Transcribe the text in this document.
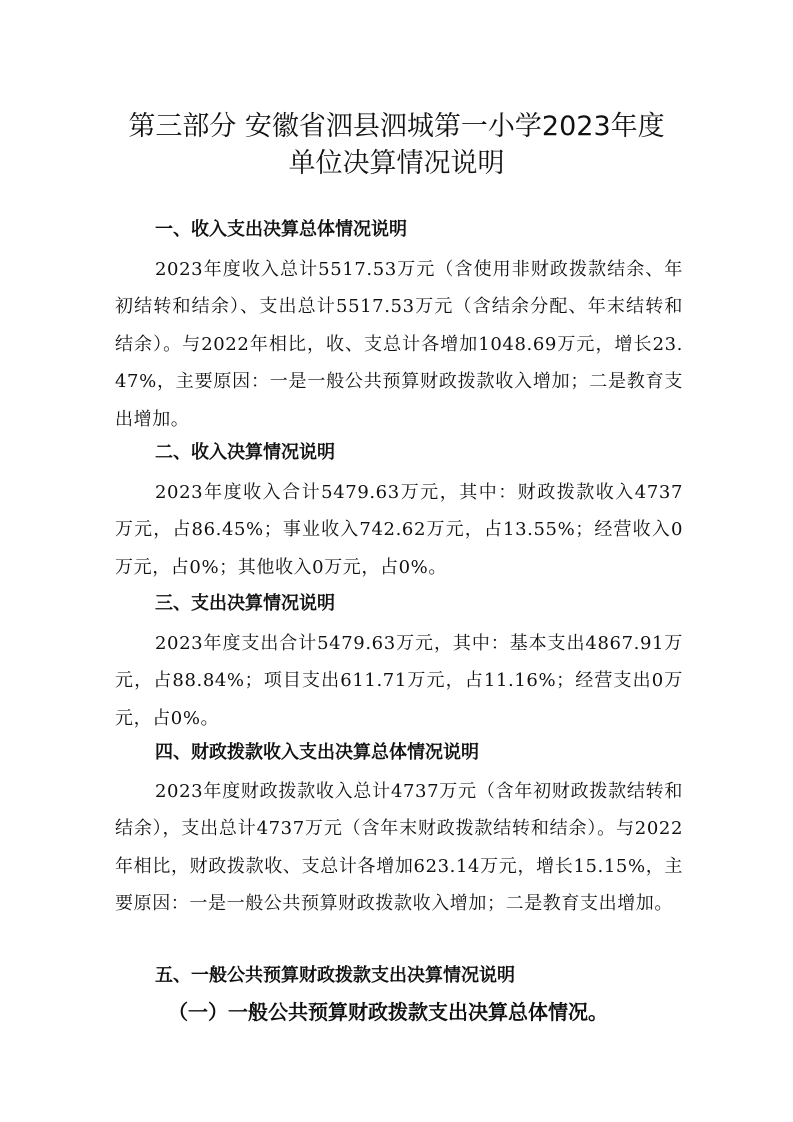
第三部分 安徽省泗县泗城第一小学2023年度
单位决算情况说明
一、收入支出决算总体情况说明

2023年度收入总计5517.53万元（含使用非财政拨款结余、年初结转和结余）、支出总计5517.53万元（含结余分配、年末结转和结余）。与2022年相比，收、支总计各增加1048.69万元，增长23.47%，主要原因：一是一般公共预算财政拨款收入增加；二是教育支出增加。

二、收入决算情况说明

2023年度收入合计5479.63万元，其中：财政拨款收入4737万元，占86.45%；事业收入742.62万元，占13.55%；经营收入0万元，占0%；其他收入0万元，占0%。

三、支出决算情况说明

2023年度支出合计5479.63万元，其中：基本支出4867.91万元，占88.84%；项目支出611.71万元，占11.16%；经营支出0万元，占0%。

四、财政拨款收入支出决算总体情况说明

2023年度财政拨款收入总计4737万元（含年初财政拨款结转和结余），支出总计4737万元（含年末财政拨款结转和结余）。与2022年相比，财政拨款收、支总计各增加623.14万元，增长15.15%，主要原因：一是一般公共预算财政拨款收入增加；二是教育支出增加。

五、一般公共预算财政拨款支出决算情况说明
（一）一般公共预算财政拨款支出决算总体情况。
